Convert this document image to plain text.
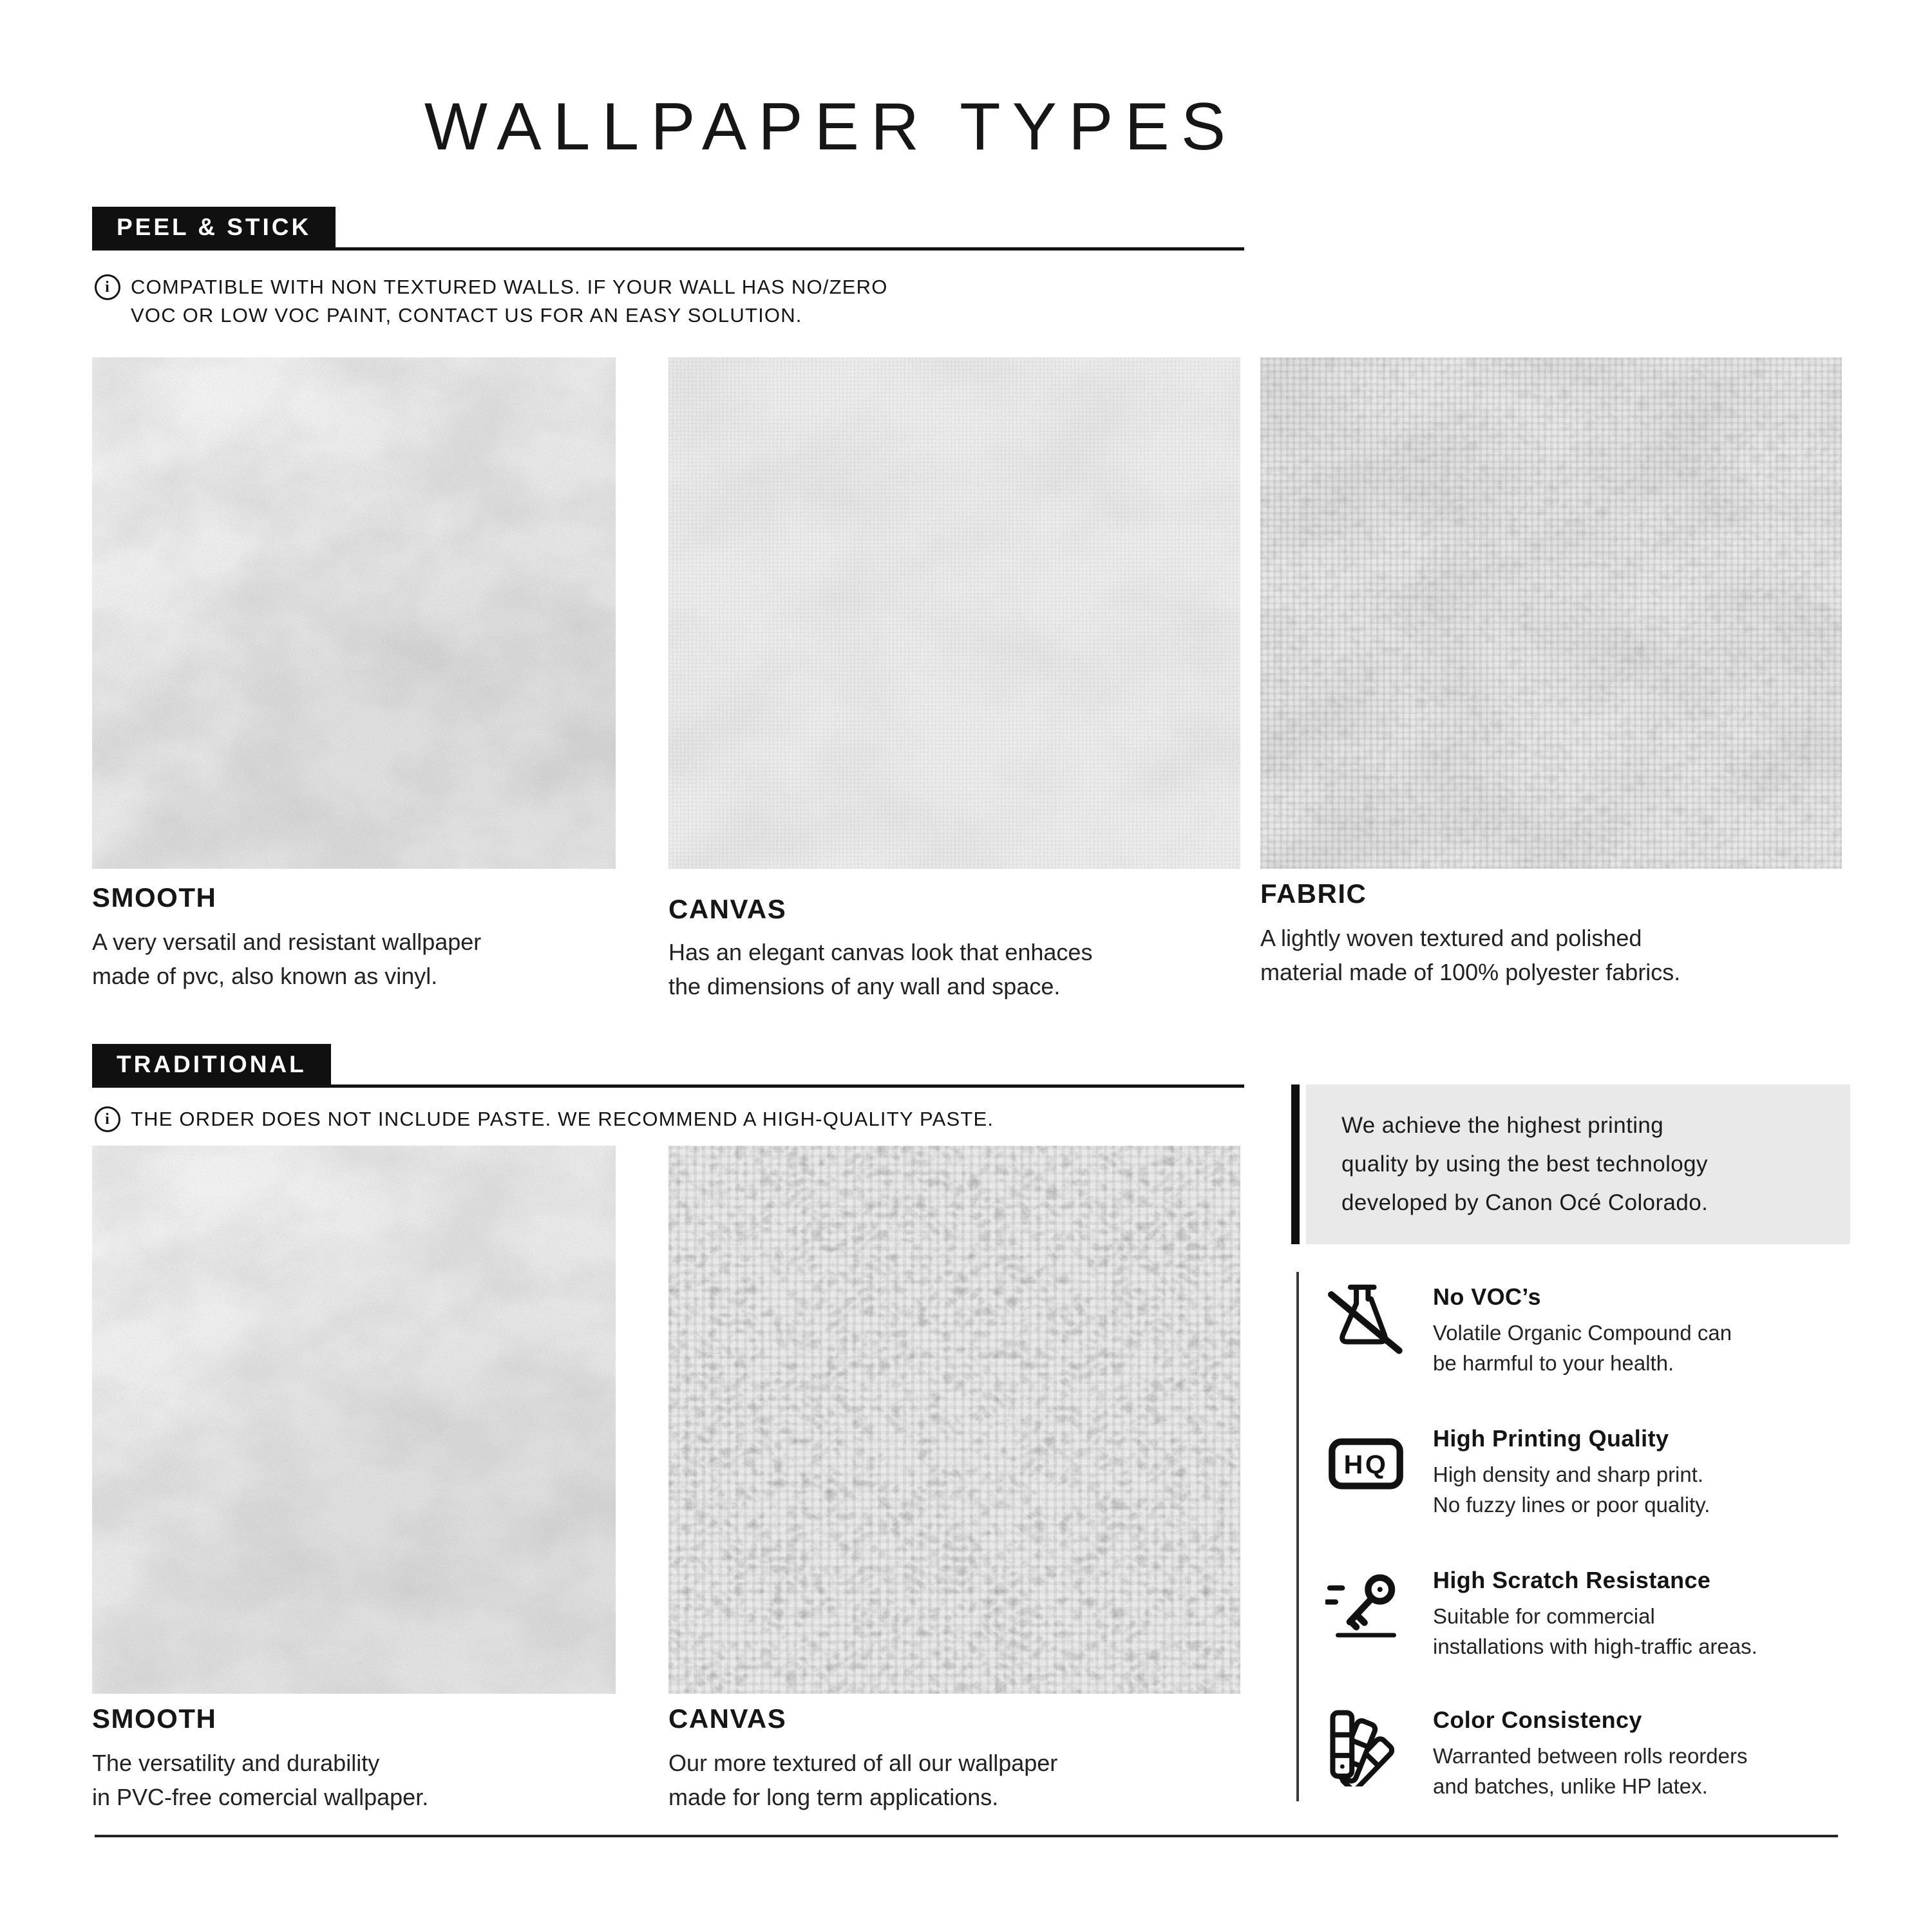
WALLPAPER TYPES
PEEL & STICK
i	COMPATIBLE WITH NON TEXTURED WALLS. IF YOUR WALL HAS NO/ZERO
VOC OR LOW VOC PAINT, CONTACT US FOR AN EASY SOLUTION.
SMOOTH
A very versatil and resistant wallpaper
made of pvc, also known as vinyl.
CANVAS
Has an elegant canvas look that enhaces
the dimensions of any wall and space.
FABRIC
A lightly woven textured and polished
material made of 100% polyester fabrics.
TRADITIONAL
i	THE ORDER DOES NOT INCLUDE PASTE. WE RECOMMEND A HIGH-QUALITY PASTE.
SMOOTH
The versatility and durability
in PVC-free comercial wallpaper.
CANVAS
Our more textured of all our wallpaper
made for long term applications.
We achieve the highest printing
quality by using the best technology
developed by Canon Océ Colorado.
No VOC’s
Volatile Organic Compound can
be harmful to your health.
HQ
High Printing Quality
High density and sharp print.
No fuzzy lines or poor quality.
High Scratch Resistance
Suitable for commercial
installations with high-traffic areas.
Color Consistency
Warranted between rolls reorders
and batches, unlike HP latex.
